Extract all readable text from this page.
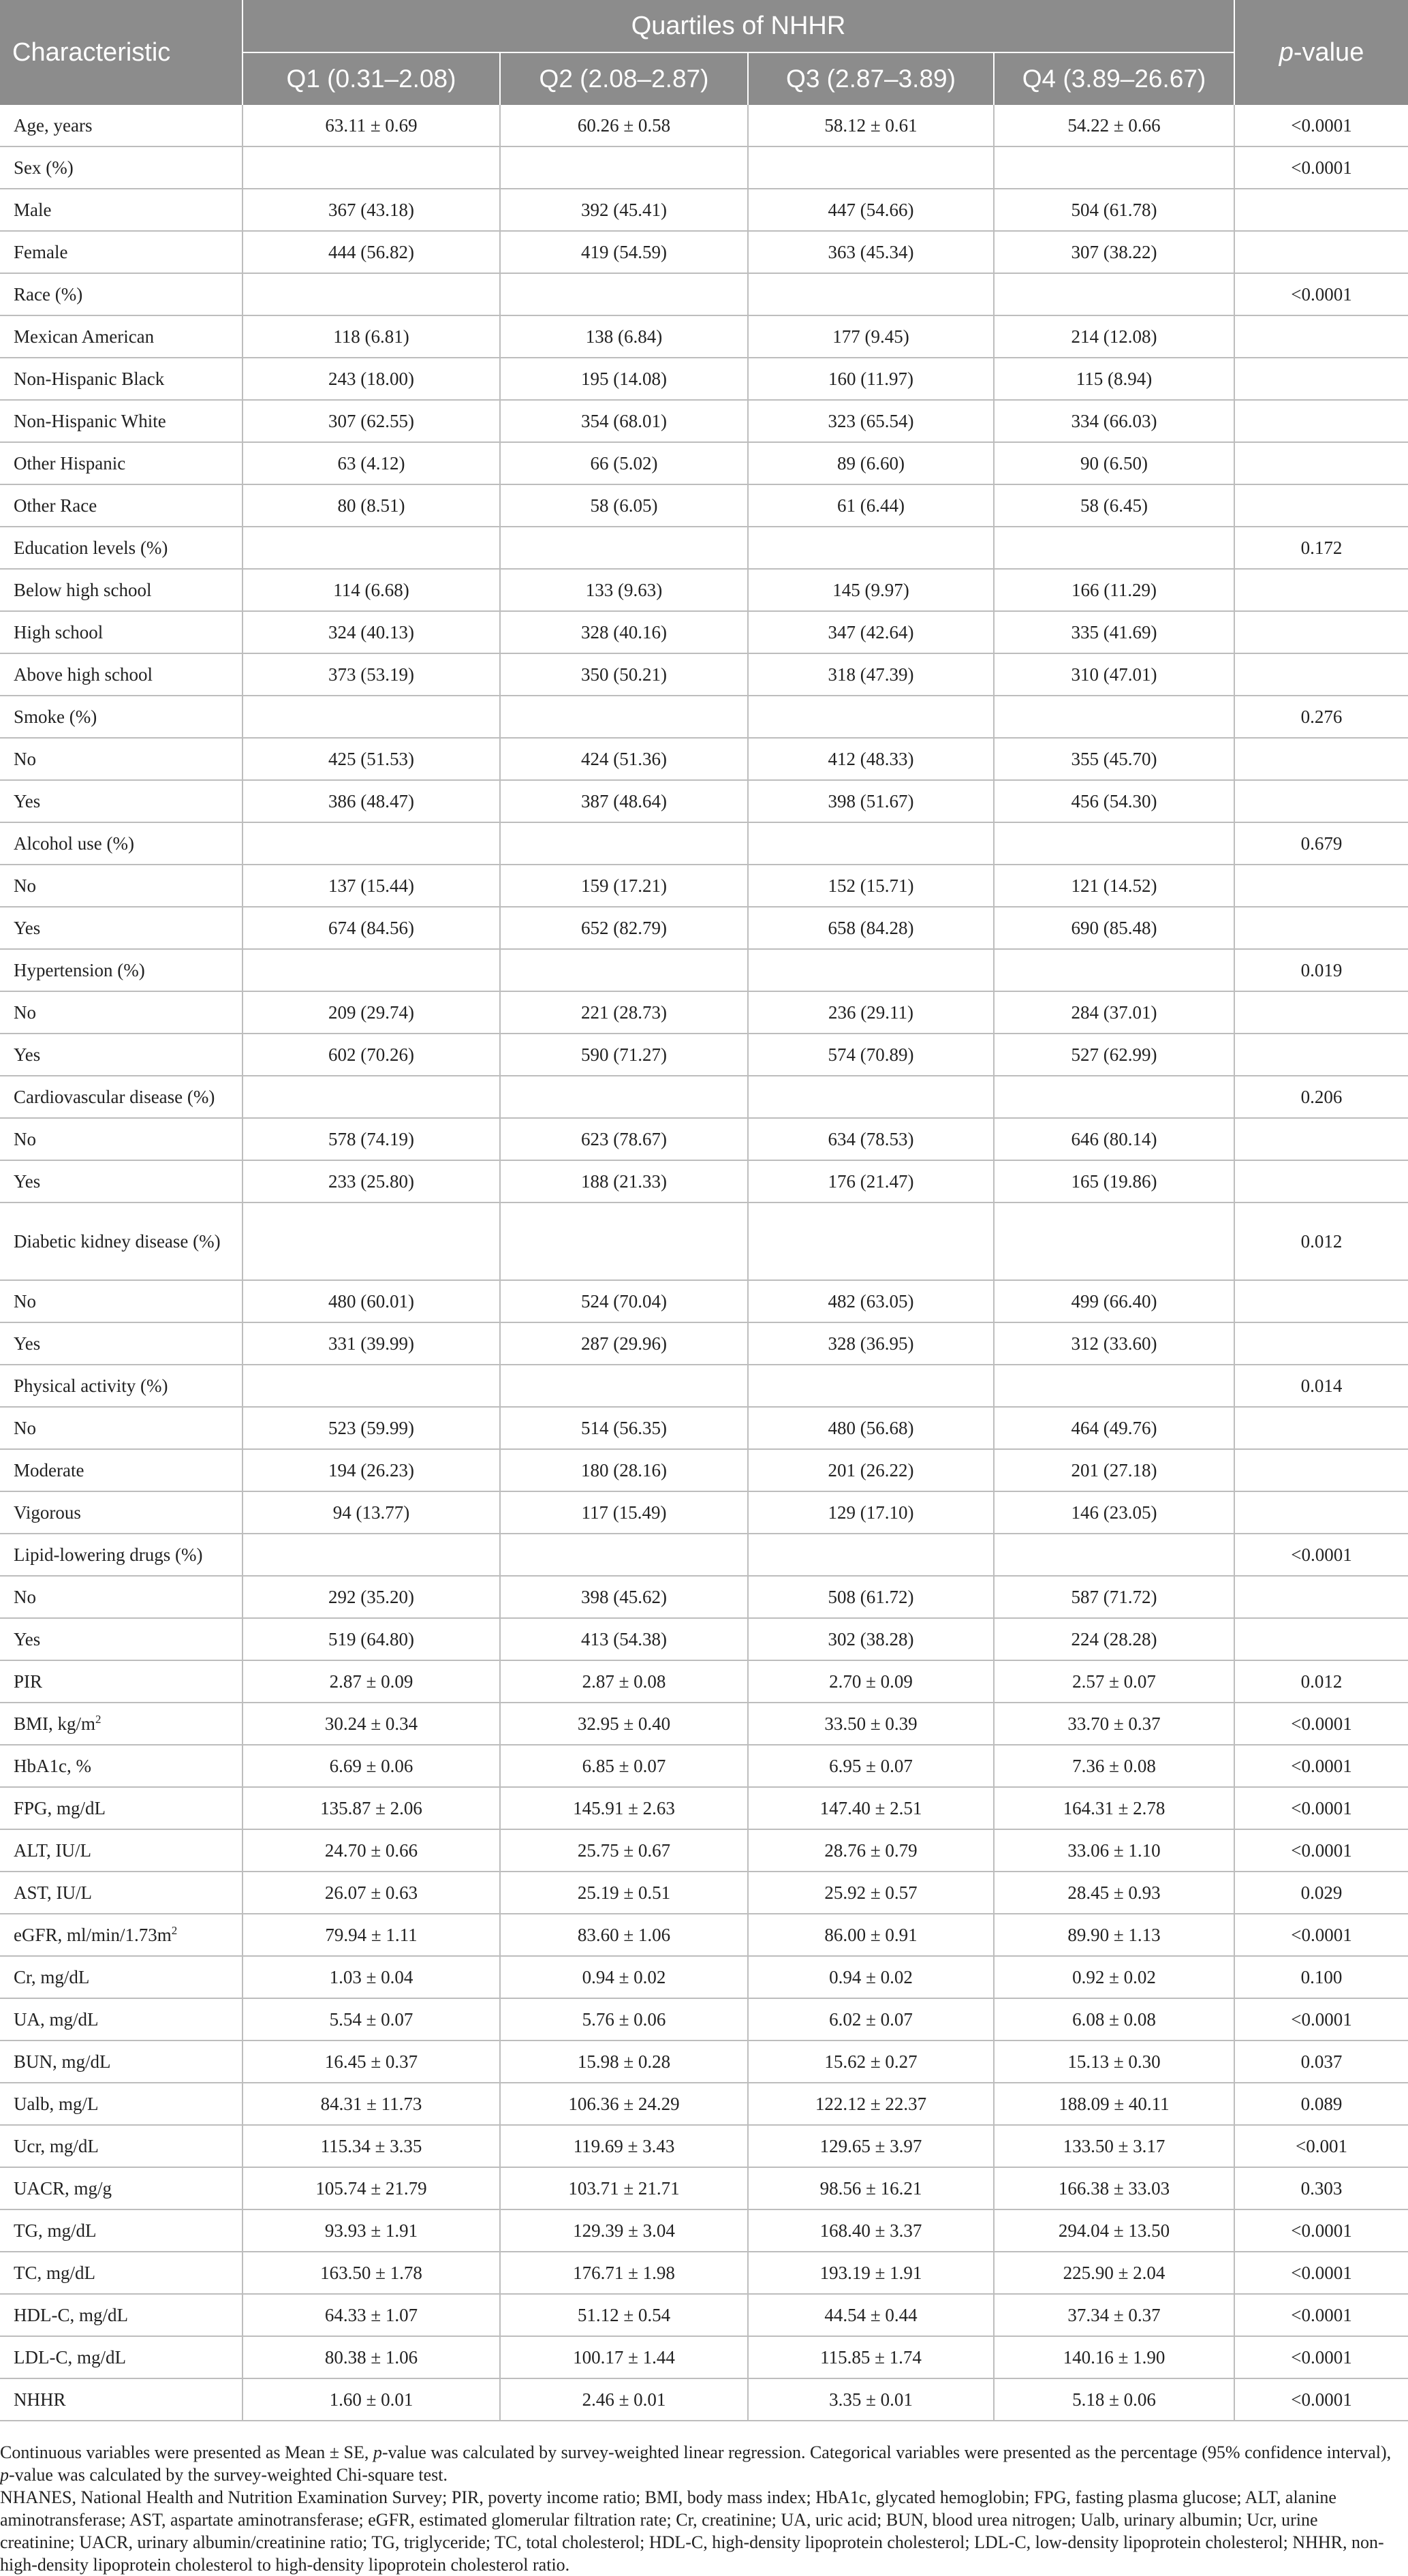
Characteristic	Quartiles of NHHR				p-value
	Q1 (0.31–2.08)	Q2 (2.08–2.87)	Q3 (2.87–3.89)	Q4 (3.89–26.67)	
Age, years	63.11 ± 0.69	60.26 ± 0.58	58.12 ± 0.61	54.22 ± 0.66	<0.0001
Sex (%)					<0.0001
Male	367 (43.18)	392 (45.41)	447 (54.66)	504 (61.78)	
Female	444 (56.82)	419 (54.59)	363 (45.34)	307 (38.22)	
Race (%)					<0.0001
Mexican American	118 (6.81)	138 (6.84)	177 (9.45)	214 (12.08)	
Non-Hispanic Black	243 (18.00)	195 (14.08)	160 (11.97)	115 (8.94)	
Non-Hispanic White	307 (62.55)	354 (68.01)	323 (65.54)	334 (66.03)	
Other Hispanic	63 (4.12)	66 (5.02)	89 (6.60)	90 (6.50)	
Other Race	80 (8.51)	58 (6.05)	61 (6.44)	58 (6.45)	
Education levels (%)					0.172
Below high school	114 (6.68)	133 (9.63)	145 (9.97)	166 (11.29)	
High school	324 (40.13)	328 (40.16)	347 (42.64)	335 (41.69)	
Above high school	373 (53.19)	350 (50.21)	318 (47.39)	310 (47.01)	
Smoke (%)					0.276
No	425 (51.53)	424 (51.36)	412 (48.33)	355 (45.70)	
Yes	386 (48.47)	387 (48.64)	398 (51.67)	456 (54.30)	
Alcohol use (%)					0.679
No	137 (15.44)	159 (17.21)	152 (15.71)	121 (14.52)	
Yes	674 (84.56)	652 (82.79)	658 (84.28)	690 (85.48)	
Hypertension (%)					0.019
No	209 (29.74)	221 (28.73)	236 (29.11)	284 (37.01)	
Yes	602 (70.26)	590 (71.27)	574 (70.89)	527 (62.99)	
Cardiovascular disease (%)					0.206
No	578 (74.19)	623 (78.67)	634 (78.53)	646 (80.14)	
Yes	233 (25.80)	188 (21.33)	176 (21.47)	165 (19.86)	
Diabetic kidney disease (%)					0.012
No	480 (60.01)	524 (70.04)	482 (63.05)	499 (66.40)	
Yes	331 (39.99)	287 (29.96)	328 (36.95)	312 (33.60)	
Physical activity (%)					0.014
No	523 (59.99)	514 (56.35)	480 (56.68)	464 (49.76)	
Moderate	194 (26.23)	180 (28.16)	201 (26.22)	201 (27.18)	
Vigorous	94 (13.77)	117 (15.49)	129 (17.10)	146 (23.05)	
Lipid-lowering drugs (%)					<0.0001
No	292 (35.20)	398 (45.62)	508 (61.72)	587 (71.72)	
Yes	519 (64.80)	413 (54.38)	302 (38.28)	224 (28.28)	
PIR	2.87 ± 0.09	2.87 ± 0.08	2.70 ± 0.09	2.57 ± 0.07	0.012
BMI, $kg/m^2$	30.24 ± 0.34	32.95 ± 0.40	33.50 ± 0.39	33.70 ± 0.37	<0.0001
HbA1c, %	6.69 ± 0.06	6.85 ± 0.07	6.95 ± 0.07	7.36 ± 0.08	<0.0001
FPG, mg/dL	135.87 ± 2.06	145.91 ± 2.63	147.40 ± 2.51	164.31 ± 2.78	<0.0001
ALT, IU/L	24.70 ± 0.66	25.75 ± 0.67	28.76 ± 0.79	33.06 ± 1.10	<0.0001
AST, IU/L	26.07 ± 0.63	25.19 ± 0.51	25.92 ± 0.57	28.45 ± 0.93	0.029
eGFR, $ml/\min/1.73m^2$	79.94 ± 1.11	83.60 ± 1.06	86.00 ± 0.91	89.90 ± 1.13	<0.0001
Cr, mg/dL	1.03 ± 0.04	0.94 ± 0.02	0.94 ± 0.02	0.92 ± 0.02	0.100
UA, mg/dL	5.54 ± 0.07	5.76 ± 0.06	6.02 ± 0.07	6.08 ± 0.08	<0.0001
BUN, mg/dL	16.45 ± 0.37	15.98 ± 0.28	15.62 ± 0.27	15.13 ± 0.30	0.037
Ualb, mg/L	84.31 ± 11.73	106.36 ± 24.29	122.12 ± 22.37	188.09 ± 40.11	0.089
Ucr, mg/dL	115.34 ± 3.35	119.69 ± 3.43	129.65 ± 3.97	133.50 ± 3.17	<0.001
UACR, mg/g	105.74 ± 21.79	103.71 ± 21.71	98.56 ± 16.21	166.38 ± 33.03	0.303
TG, mg/dL	93.93 ± 1.91	129.39 ± 3.04	168.40 ± 3.37	294.04 ± 13.50	<0.0001
TC, mg/dL	163.50 ± 1.78	176.71 ± 1.98	193.19 ± 1.91	225.90 ± 2.04	<0.0001
HDL-C, mg/dL	64.33 ± 1.07	51.12 ± 0.54	44.54 ± 0.44	37.34 ± 0.37	<0.0001
LDL-C, mg/dL	80.38 ± 1.06	100.17 ± 1.44	115.85 ± 1.74	140.16 ± 1.90	<0.0001
NHHR	1.60 ± 0.01	2.46 ± 0.01	3.35 ± 0.01	5.18 ± 0.06	<0.0001

Continuous variables were presented as Mean ± SE, p-value was calculated by survey-weighted linear regression. Categorical variables were presented as the percentage (95% confidence interval), p-value was calculated by the survey-weighted Chi-square test.

NHANES, National Health and Nutrition Examination Survey; PIR, poverty income ratio; BMI, body mass index; HbA1c, glycated hemoglobin; FPG, fasting plasma glucose; ALT, alanine aminotransferase; AST, aspartate aminotransferase; eGFR, estimated glomerular filtration rate; Cr, creatinine; UA, uric acid; BUN, blood urea nitrogen; Ualb, urinary albumin; Ucr, urine creatinine; UACR, urinary albumin/creatinine ratio; TG, triglyceride; TC, total cholesterol; HDL-C, high-density lipoprotein cholesterol; LDL-C, low-density lipoprotein cholesterol; NHHR, non-high-density lipoprotein cholesterol to high-density lipoprotein cholesterol ratio.
